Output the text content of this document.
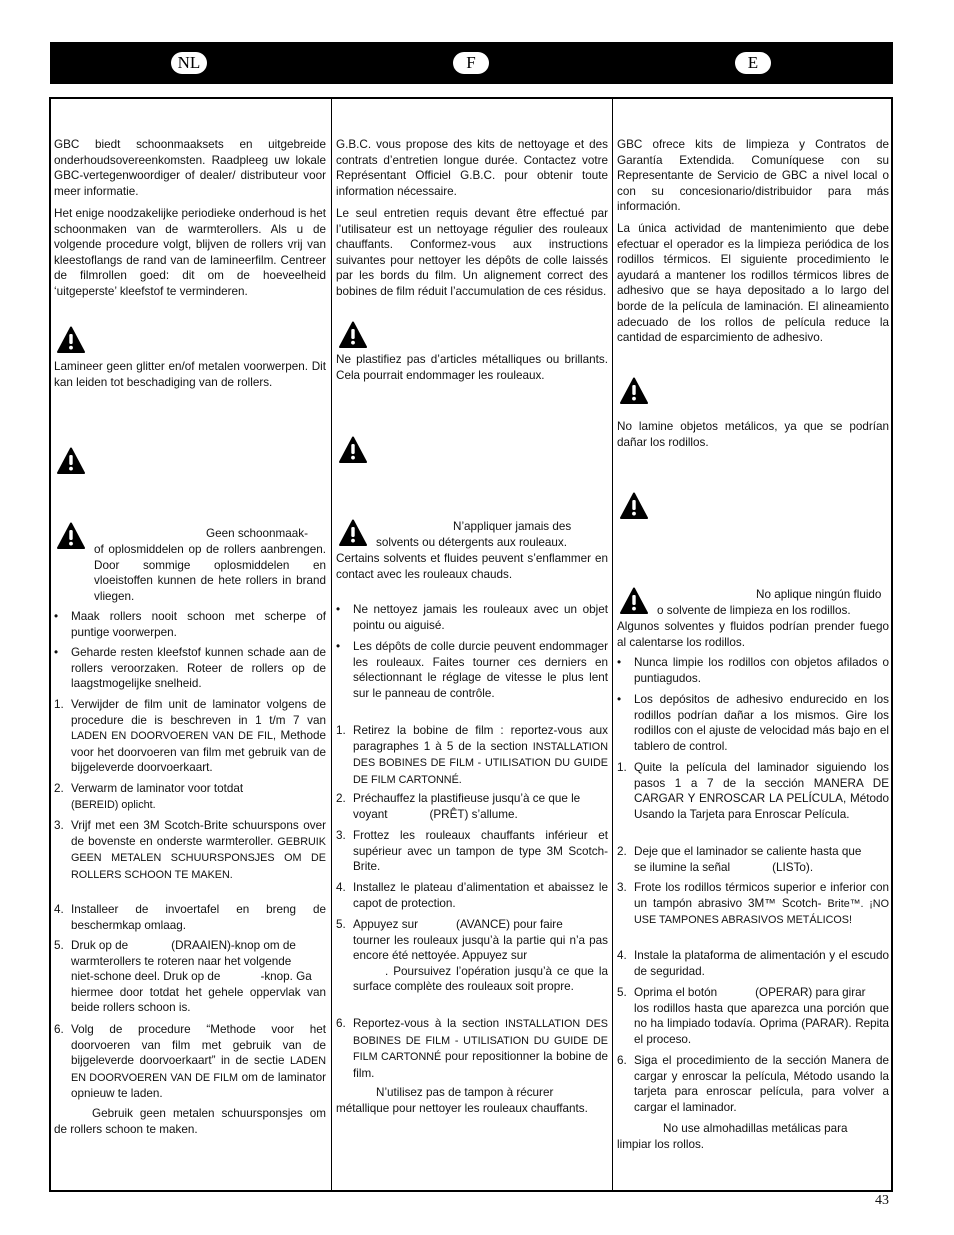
NL	F	E

GBC biedt schoonmaaksets en uitgebreide onderhoudsovereenkomsten. Raadpleeg uw lokale GBC-vertegenwoordiger of dealer/ distributeur voor meer informatie.

Het enige noodzakelijke periodieke onderhoud is het schoonmaken van de warmterollers. Als u de volgende procedure volgt, blijven de rollers vrij van kleestoflangs de rand van de lamineerfilm. Centreer de filmrollen goed: dit om de hoeveelheid ‘uitgeperste’ kleefstof te verminderen.

Lamineer geen glitter en/of metalen voorwerpen. Dit kan leiden tot beschadiging van de rollers.

Geen schoonmaak-

of oplosmiddelen op de rollers aanbrengen. Door sommige oplosmiddelen en vloeistoffen kunnen de hete rollers in brand vliegen.

•	Maak rollers nooit schoon met scherpe of puntige voorwerpen.
•	Geharde resten kleefstof kunnen schade aan de rollers veroorzaken. Roteer de rollers op de laagstmogelijke snelheid.
1. Verwijder de film unit de laminator volgens de procedure die is beschreven in 1 t/m 7 van LADEN EN DOORVOEREN VAN DE FIL, Methode voor het doorvoeren van film met gebruik van de bijgeleverde doorvoerkaart.
2. Verwarm de laminator voor totdat
(BEREID) oplicht.
3. Vrijf met een 3M Scotch-Brite schuurspons over de bovenste en onderste warmteroller. GEBRUIK GEEN METALEN SCHUURSPONSJES OM DE ROLLERS SCHOON TE MAKEN.
4. Installeer de invoertafel en breng de beschermkap omlaag.
5. Druk op de	(DRAAIEN)-knop om de
warmterollers te roteren naar het volgende
niet-schone deel. Druk op de	-knop. Ga
hiermee door totdat het gehele oppervlak van beide rollers schoon is.
6. Volg de procedure “Methode voor het doorvoeren van film met gebruik van de bijgeleverde doorvoerkaart” in de sectie LADEN EN DOORVOEREN VAN DE FILM om de laminator opnieuw te laden.

Gebruik geen metalen schuursponsjes om de rollers schoon te maken.

G.B.C. vous propose des kits de nettoyage et des contrats d’entretien longue durée. Contactez votre Représentant Officiel G.B.C. pour obtenir toute information nécessaire.

Le seul entretien requis devant être effectué par l’utilisateur est un nettoyage régulier des rouleaux chauffants. Conformez-vous aux instructions suivantes pour nettoyer les dépôts de colle laissés par les bords du film. Un alignement correct des bobines de film réduit l’accumulation de ces résidus.

Ne plastifiez pas d’articles métalliques ou brillants. Cela pourrait endommager les rouleaux.

N’appliquer jamais des

solvents ou détergents aux rouleaux.

Certains solvents et fluides peuvent s’enflammer en contact avec les rouleaux chauds.

•	Ne nettoyez jamais les rouleaux avec un objet pointu ou aiguisé.
•	Les dépôts de colle durcie peuvent endommager les rouleaux. Faites tourner ces derniers en sélectionnant le réglage de vitesse le plus lent sur le panneau de contrôle.
1. Retirez la bobine de film : reportez-vous aux paragraphes 1 à 5 de la section INSTALLATION DES BOBINES DE FILM - UTILISATION DU GUIDE DE FILM CARTONNÉ.
2. Préchauffez la plastifieuse jusqu’à ce que le
voyant	(PRÊT) s’allume.
3. Frottez les rouleaux chauffants inférieur et supérieur avec un tampon de type 3M Scotch-Brite.
4. Installez le plateau d’alimentation et abaissez le capot de protection.
5. Appuyez sur	(AVANCE) pour faire
tourner les rouleaux jusqu’à la partie qui n’a pas encore été nettoyée. Appuyez sur
. Poursuivez l’opération jusqu’à ce que la surface complète des rouleaux soit propre.
6. Reportez-vous à la section INSTALLATION DES BOBINES DE FILM - UTILISATION DU GUIDE DE FILM CARTONNÉ pour repositionner la bobine de film.

N’utilisez pas de tampon à récurer

métallique pour nettoyer les rouleaux chauffants.

GBC ofrece kits de limpieza y Contratos de Garantía Extendida. Comuníquese con su Representante de Servicio de GBC a nivel local o con su concesionario/distribuidor para más información.

La única actividad de mantenimiento que debe efectuar el operador es la limpieza periódica de los rodillos térmicos. El siguiente procedimiento le ayudará a mantener los rodillos térmicos libres de adhesivo que se haya depositado a lo largo del borde de la película de laminación. El alineamiento adecuado de los rollos de película reduce la cantidad de esparcimiento de adhesivo.

No lamine objetos metálicos, ya que se podrían dañar los rodillos.

No aplique ningún fluido

o solvente de limpieza en los rodillos.

Algunos solventes y fluidos podrían prender fuego al calentarse los rodillos.

•	Nunca limpie los rodillos con objetos afilados o puntiagudos.
•	Los depósitos de adhesivo endurecido en los rodillos podrían dañar a los mismos. Gire los rodillos con el ajuste de velocidad más bajo en el tablero de control.
1. Quite la película del laminador siguiendo los pasos 1 a 7 de la sección MANERA DE CARGAR Y ENROSCAR LA PELÍCULA, Método Usando la Tarjeta para Enroscar Película.
2. Deje que el laminador se caliente hasta que
se ilumine la señal	(LISTo).
3. Frote los rodillos térmicos superior e inferior con un tampón abrasivo 3M™ Scotch- Brite™. ¡NO USE TAMPONES ABRASIVOS METÁLICOS!
4. Instale la plataforma de alimentación y el escudo de seguridad.
5. Oprima el botón	(OPERAR) para girar
los rodillos hasta que aparezca una porción que no ha limpiado todavía. Oprima (PARAR). Repita el proceso.
6. Siga el procedimiento de la sección Manera de cargar y enroscar la película, Método usando la tarjeta para enroscar película, para volver a cargar el laminador.

No use almohadillas metálicas para

limpiar los rollos.

43
